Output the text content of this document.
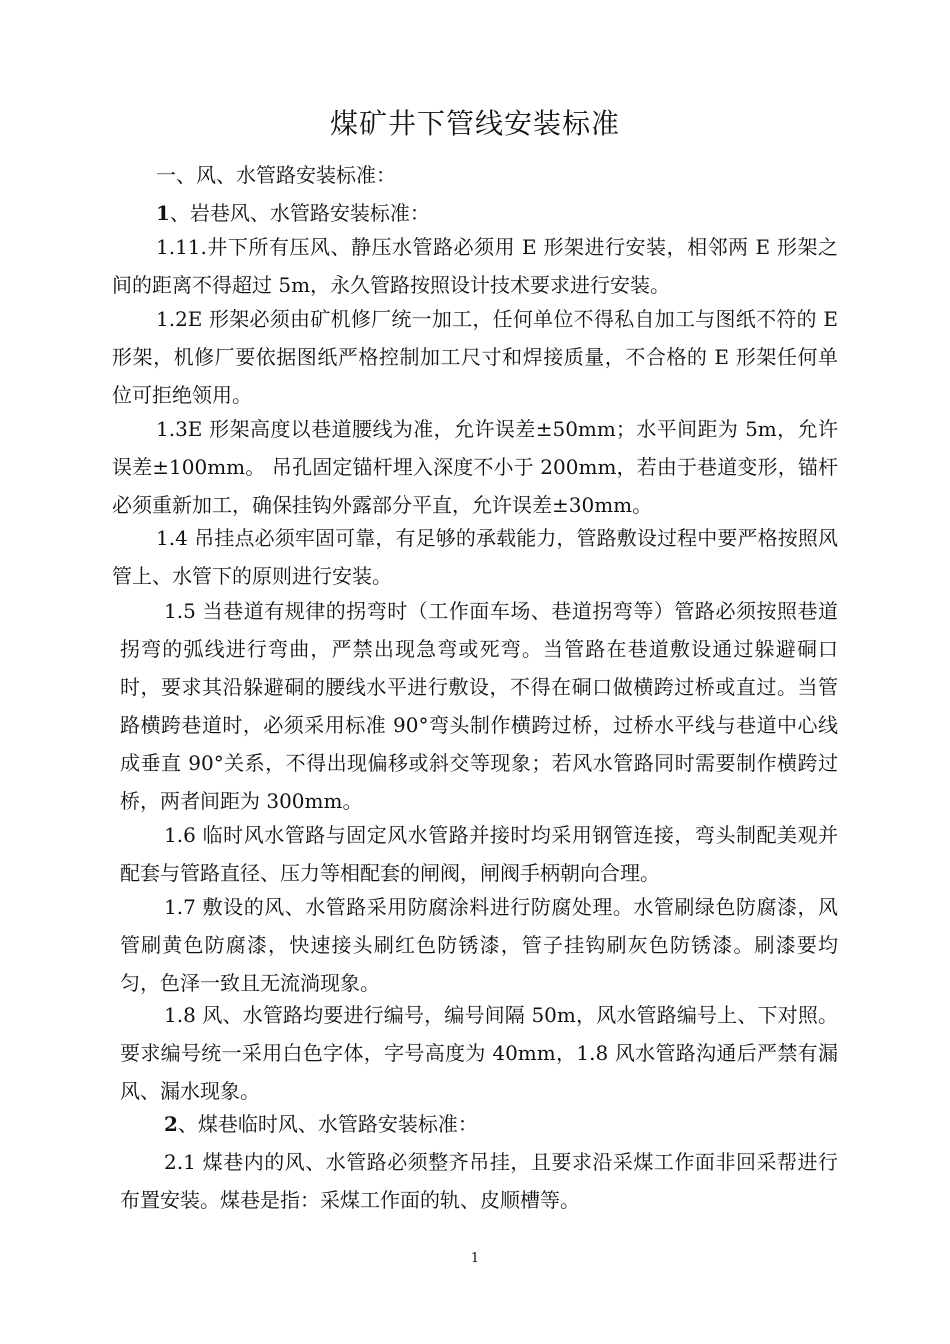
煤矿井下管线安装标准
一、风、水管路安装标准：
1、岩巷风、水管路安装标准：
1.11.井下所有压风、静压水管路必须用 E 形架进行安装，相邻两 E 形架之间的距离不得超过 5m，永久管路按照设计技术要求进行安装。
1.2E 形架必须由矿机修厂统一加工，任何单位不得私自加工与图纸不符的 E 形架，机修厂要依据图纸严格控制加工尺寸和焊接质量，不合格的 E 形架任何单位可拒绝领用。
1.3E 形架高度以巷道腰线为准，允许误差±50mm；水平间距为 5m，允许误差±100mm。 吊孔固定锚杆埋入深度不小于 200mm，若由于巷道变形，锚杆必须重新加工，确保挂钩外露部分平直，允许误差±30mm。
1.4 吊挂点必须牢固可靠，有足够的承载能力，管路敷设过程中要严格按照风管上、水管下的原则进行安装。
1.5 当巷道有规律的拐弯时（工作面车场、巷道拐弯等）管路必须按照巷道拐弯的弧线进行弯曲，严禁出现急弯或死弯。当管路在巷道敷设通过躲避硐口时，要求其沿躲避硐的腰线水平进行敷设，不得在硐口做横跨过桥或直过。当管路横跨巷道时，必须采用标准 90°弯头制作横跨过桥，过桥水平线与巷道中心线成垂直 90°关系，不得出现偏移或斜交等现象；若风水管路同时需要制作横跨过桥，两者间距为 300mm。
1.6 临时风水管路与固定风水管路并接时均采用钢管连接，弯头制配美观并配套与管路直径、压力等相配套的闸阀，闸阀手柄朝向合理。
1.7 敷设的风、水管路采用防腐涂料进行防腐处理。水管刷绿色防腐漆，风管刷黄色防腐漆，快速接头刷红色防锈漆，管子挂钩刷灰色防锈漆。刷漆要均匀，色泽一致且无流淌现象。
1.8 风、水管路均要进行编号，编号间隔 50m，风水管路编号上、下对照。要求编号统一采用白色字体，字号高度为 40mm，1.8 风水管路沟通后严禁有漏风、漏水现象。
2、煤巷临时风、水管路安装标准：
2.1 煤巷内的风、水管路必须整齐吊挂，且要求沿采煤工作面非回采帮进行布置安装。煤巷是指：采煤工作面的轨、皮顺槽等。
1
